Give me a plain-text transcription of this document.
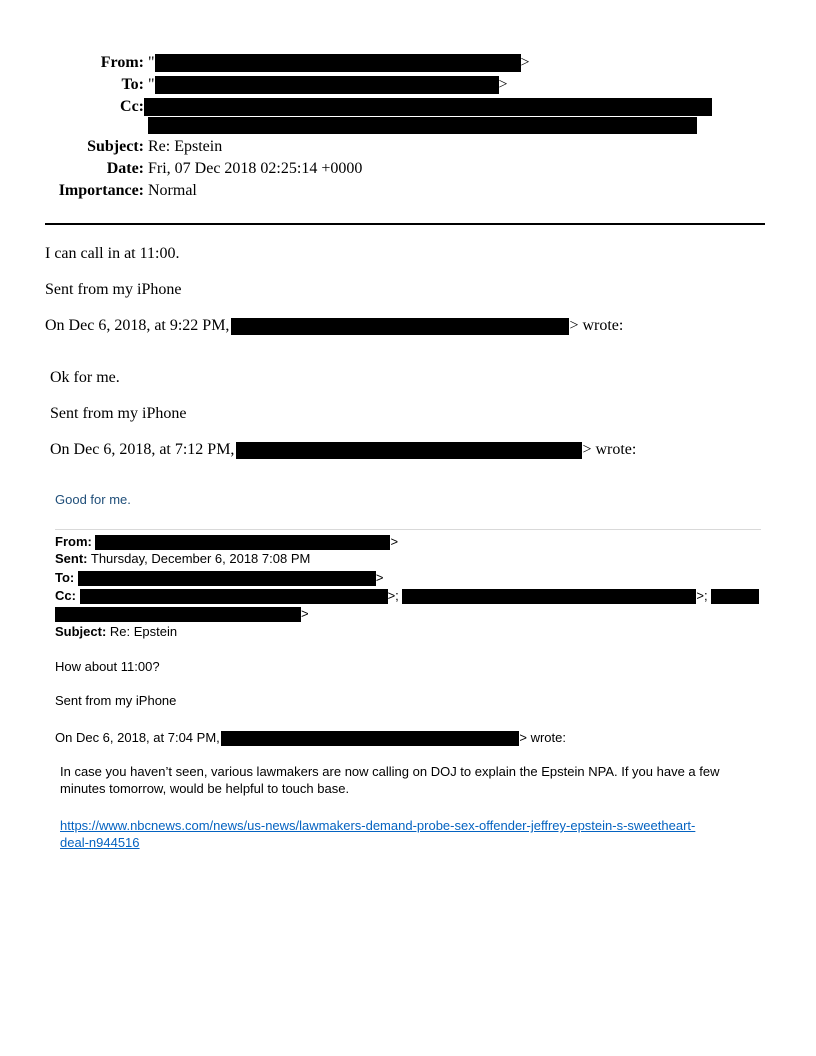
From: "	>
To: "	>
Cc:
Subject: Re: Epstein
Date: Fri, 07 Dec 2018 02:25:14 +0000
Importance: Normal
I can call in at 11:00.
Sent from my iPhone
On Dec 6, 2018, at 9:22 PM,	> wrote:
Ok for me.
Sent from my iPhone
On Dec 6, 2018, at 7:12 PM,	> wrote:
Good for me.
From:	>
Sent: Thursday, December 6, 2018 7:08 PM
To:	>
Cc:	>;	>;
>
Subject: Re: Epstein
How about 11:00?
Sent from my iPhone
On Dec 6, 2018, at 7:04 PM,	> wrote:
In case you haven’t seen, various lawmakers are now calling on DOJ to explain the Epstein NPA. If you have a few
minutes tomorrow, would be helpful to touch base.
https://www.nbcnews.com/news/us-news/lawmakers-demand-probe-sex-offender-jeffrey-epstein-s-sweetheart-
deal-n944516
